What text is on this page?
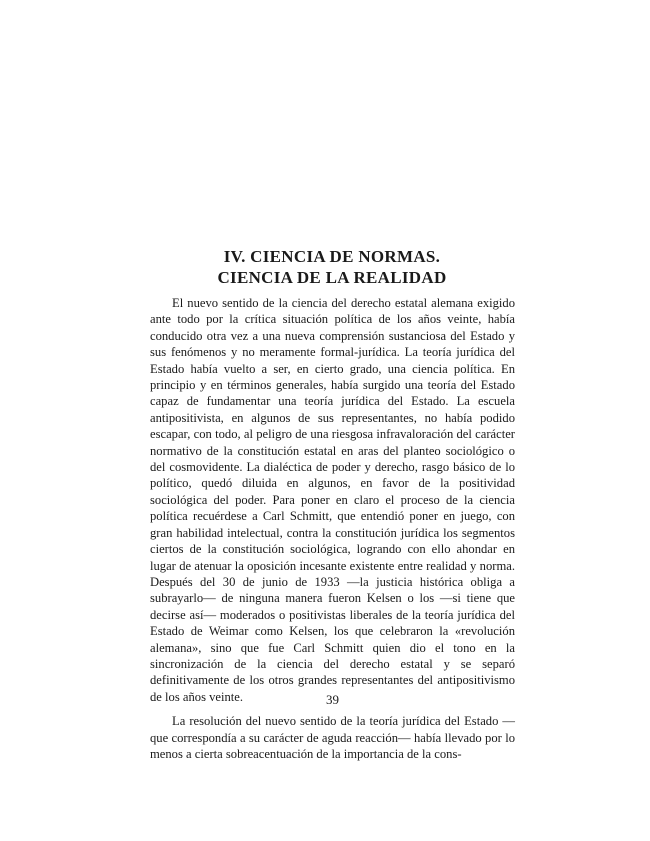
IV. CIENCIA DE NORMAS.
CIENCIA DE LA REALIDAD

El nuevo sentido de la ciencia del derecho estatal alemana exigido ante todo por la crítica situación política de los años veinte, había conducido otra vez a una nueva comprensión sustanciosa del Estado y sus fenómenos y no meramente formal-jurídica. La teoría jurídica del Estado había vuelto a ser, en cierto grado, una ciencia política. En principio y en términos generales, había surgido una teoría del Estado capaz de fundamentar una teoría jurídica del Estado. La escuela antipositivista, en algunos de sus representantes, no había podido escapar, con todo, al peligro de una riesgosa infravaloración del carácter normativo de la constitución estatal en aras del planteo sociológico o del cosmovidente. La dialéctica de poder y derecho, rasgo básico de lo político, quedó diluida en algunos, en favor de la positividad sociológica del poder. Para poner en claro el proceso de la ciencia política recuérdese a Carl Schmitt, que entendió poner en juego, con gran habilidad intelectual, contra la constitución jurídica los segmentos ciertos de la constitución sociológica, logrando con ello ahondar en lugar de atenuar la oposición incesante existente entre realidad y norma. Después del 30 de junio de 1933 —la justicia histórica obliga a subrayarlo— de ninguna manera fueron Kelsen o los —si tiene que decirse así— moderados o positivistas liberales de la teoría jurídica del Estado de Weimar como Kelsen, los que celebraron la «revolución alemana», sino que fue Carl Schmitt quien dio el tono en la sincronización de la ciencia del derecho estatal y se separó definitivamente de los otros grandes representantes del antipositivismo de los años veinte.

La resolución del nuevo sentido de la teoría jurídica del Estado —que correspondía a su carácter de aguda reacción— había llevado por lo menos a cierta sobreacentuación de la importancia de la cons-

39
